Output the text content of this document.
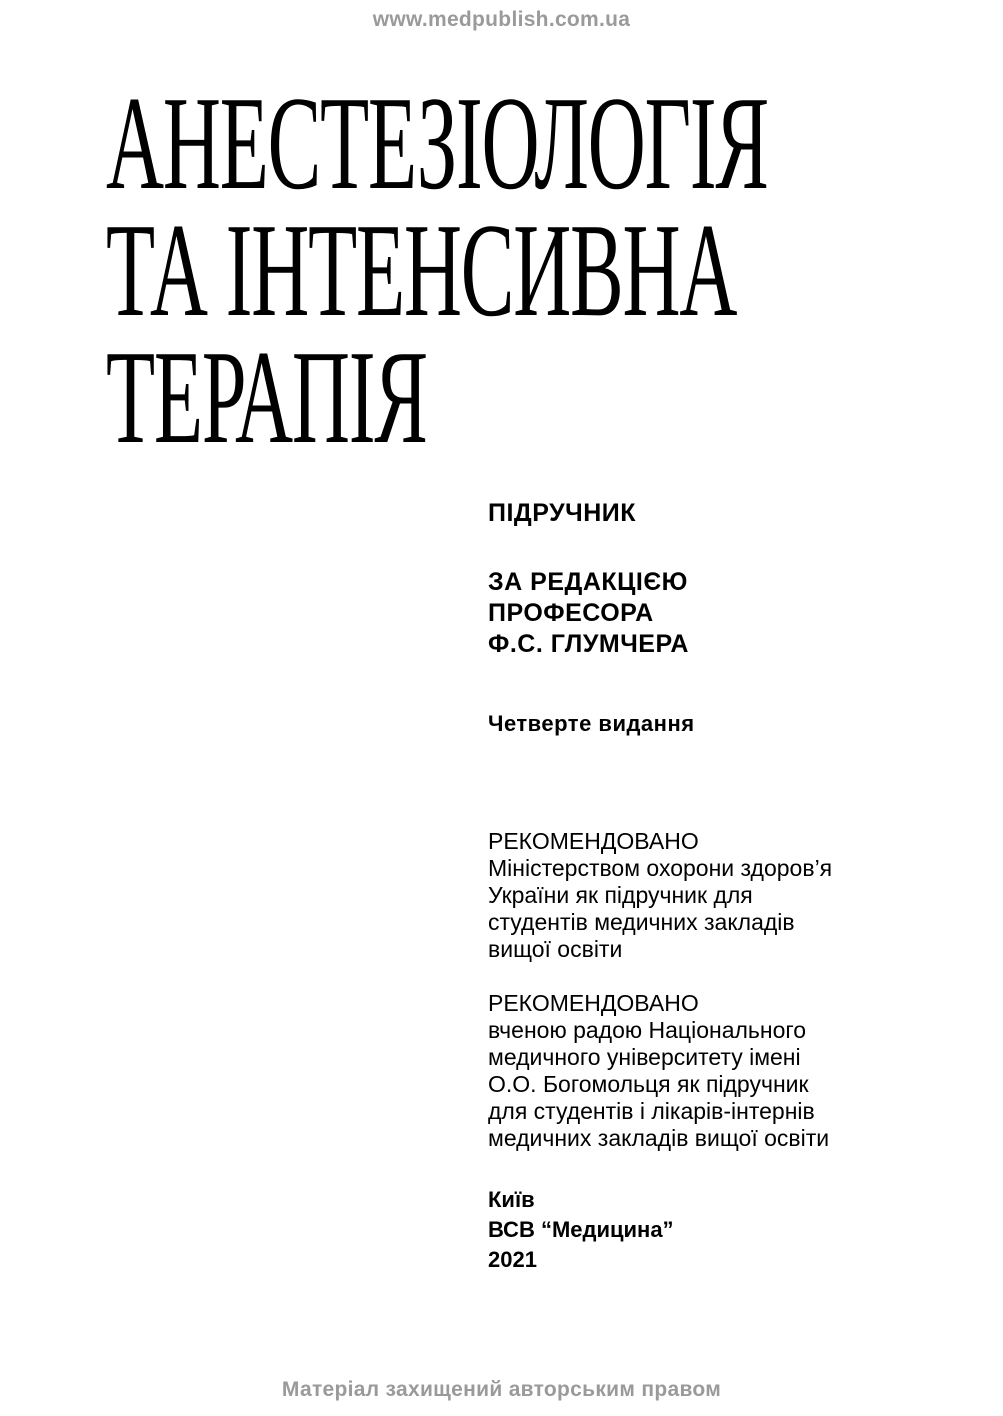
www.medpublish.com.ua
АНЕСТЕЗІОЛОГІЯ
ТА ІНТЕНСИВНА
ТЕРАПІЯ
ПІДРУЧНИК
ЗА РЕДАКЦІЄЮ
ПРОФЕСОРА
Ф.С. ГЛУМЧЕРА
Четверте видання
РЕКОМЕНДОВАНО
Міністерством охорони здоров’я
України як підручник для
студентів медичних закладів
вищої освіти
РЕКОМЕНДОВАНО
вченою радою Національного
медичного університету імені
О.О. Богомольця як підручник
для студентів і лікарів-інтернів
медичних закладів вищої освіти
Київ
ВСВ “Медицина”
2021
Матеріал захищений авторським правом
